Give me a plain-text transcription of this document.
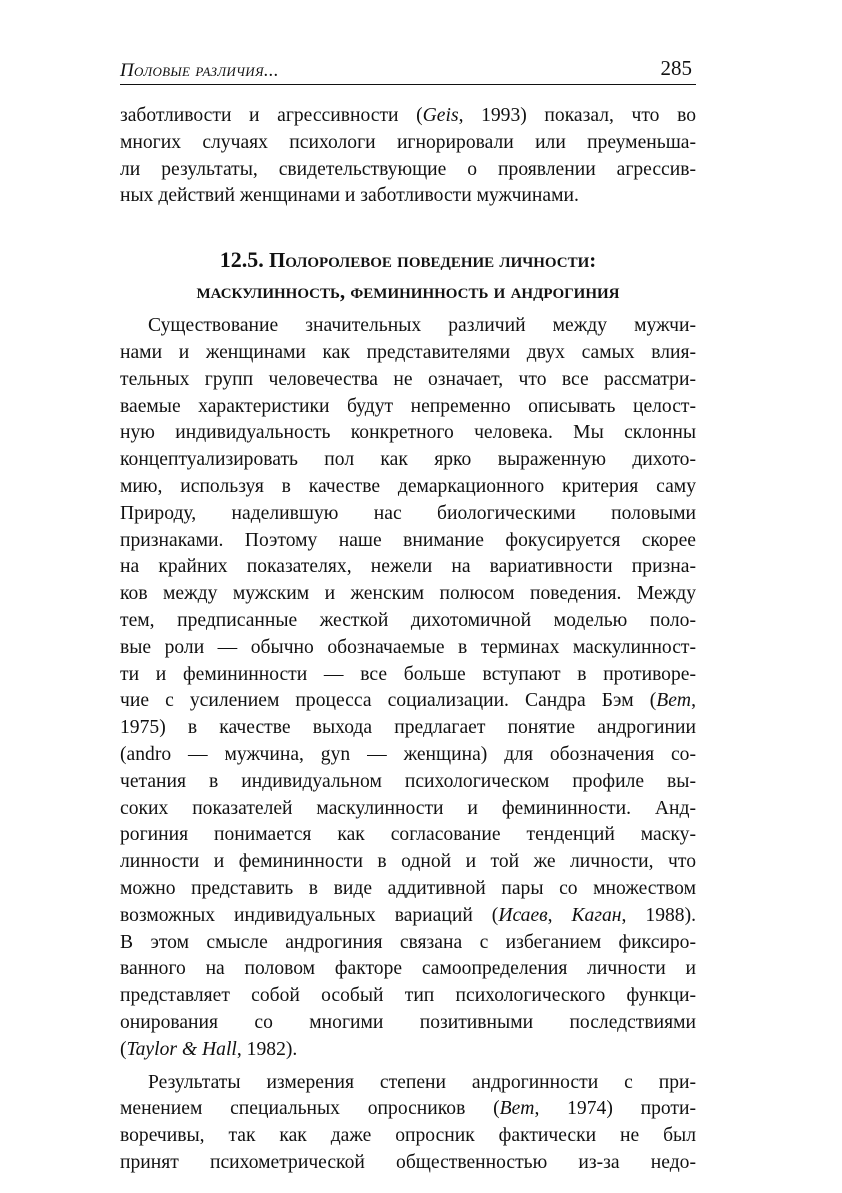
Половые различия...	285
заботливости и агрессивности (Geis, 1993) показал, что во
многих случаях психологи игнорировали или преуменьша-
ли результаты, свидетельствующие о проявлении агрессив-
ных действий женщинами и заботливости мужчинами.
12.5. Полоролевое поведение личности:
маскулинность, фемининность и андрогиния
Существование значительных различий между мужчи-
нами и женщинами как представителями двух самых влия-
тельных групп человечества не означает, что все рассматри-
ваемые характеристики будут непременно описывать целост-
ную индивидуальность конкретного человека. Мы склонны
концептуализировать пол как ярко выраженную дихото-
мию, используя в качестве демаркационного критерия саму
Природу, наделившую нас биологическими половыми
признаками. Поэтому наше внимание фокусируется скорее
на крайних показателях, нежели на вариативности призна-
ков между мужским и женским полюсом поведения. Между
тем, предписанные жесткой дихотомичной моделью поло-
вые роли — обычно обозначаемые в терминах маскулинност-
ти и фемининности — все больше вступают в противоре-
чие с усилением процесса социализации. Сандра Бэм (Bem,
1975) в качестве выхода предлагает понятие андрогинии
(andro — мужчина, gyn — женщина) для обозначения со-
четания в индивидуальном психологическом профиле вы-
соких показателей маскулинности и фемининности. Анд-
рогиния понимается как согласование тенденций маску-
линности и фемининности в одной и той же личности, что
можно представить в виде аддитивной пары со множеством
возможных индивидуальных вариаций (Исаев, Каган, 1988).
В этом смысле андрогиния связана с избеганием фиксиро-
ванного на половом факторе самоопределения личности и
представляет собой особый тип психологического функци-
онирования со многими позитивными последствиями
(Taylor & Hall, 1982).
Результаты измерения степени андрогинности с при-
менением специальных опросников (Bem, 1974) проти-
воречивы, так как даже опросник фактически не был
принят психометрической общественностью из-за недо-
